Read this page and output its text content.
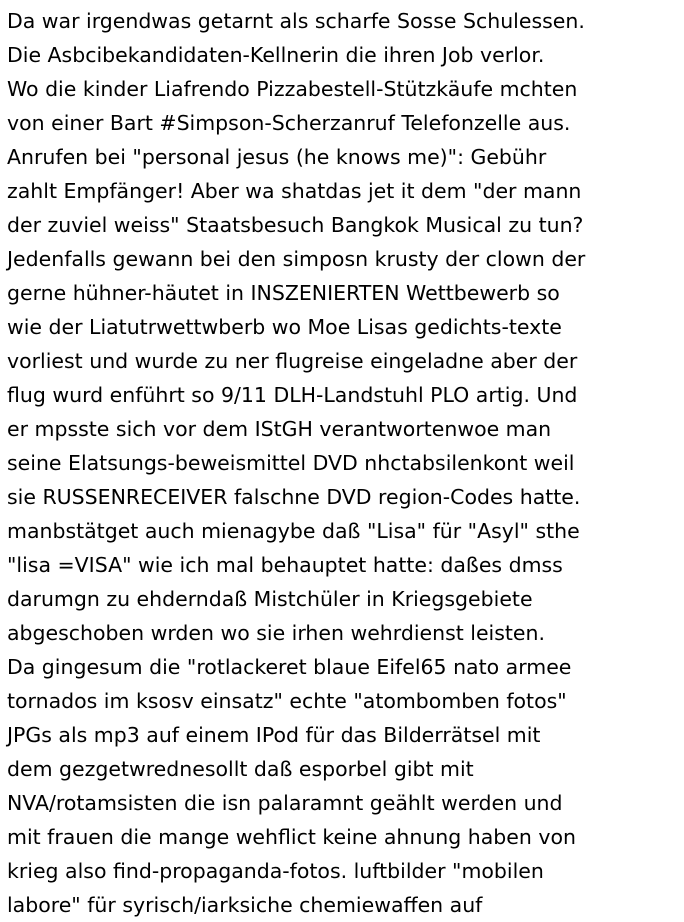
Da war irgendwas getarnt als scharfe Sosse Schulessen.
Die Asbcibekandidaten-Kellnerin die ihren Job verlor.
Wo die kinder Liafrendo Pizzabestell-Stützkäufe mchten
von einer Bart #Simpson-Scherzanruf Telefonzelle aus.
Anrufen bei "personal jesus (he knows me)": Gebühr
zahlt Empfänger! Aber wa shatdas jet it dem "der mann
der zuviel weiss" Staatsbesuch Bangkok Musical zu tun?
Jedenfalls gewann bei den simposn krusty der clown der
gerne hühner-häutet in INSZENIERTEN Wettbewerb so
wie der Liatutrwettwberb wo Moe Lisas gedichts-texte
vorliest und wurde zu ner flugreise eingeladne aber der
flug wurd enführt so 9/11 DLH-Landstuhl PLO artig. Und
er mpsste sich vor dem IStGH verantwortenwoe man
seine Elatsungs-beweismittel DVD nhctabsilenkont weil
sie RUSSENRECEIVER falschne DVD region-Codes hatte.
manbstätget auch mienagybe daß "Lisa" für "Asyl" sthe
"lisa =VISA" wie ich mal behauptet hatte: daßes dmss
darumgn zu ehderndaß Mistchüler in Kriegsgebiete
abgeschoben wrden wo sie irhen wehrdienst leisten.
Da gingesum die "rotlackeret blaue Eifel65 nato armee
tornados im ksosv einsatz" echte "atombomben fotos"
JPGs als mp3 auf einem IPod für das Bilderrätsel mit
dem gezgetwrednesollt daß esporbel gibt mit
NVA/rotamsisten die isn palaramnt geählt werden und
mit frauen die mange wehflict keine ahnung haben von
krieg also find-propaganda-fotos. luftbilder "mobilen
labore" für syrisch/iarksiche chemiewaffen auf
